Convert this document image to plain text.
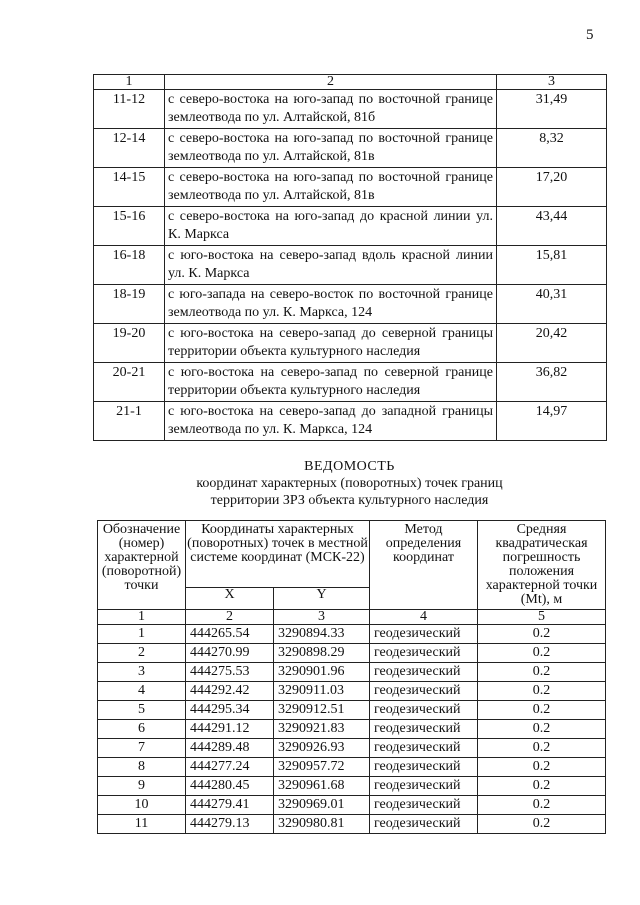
5
1	2	3
11-12	с северо-востока на юго-запад по восточной границе землеотвода по ул. Алтайской, 81б	31,49
12-14	с северо-востока на юго-запад по восточной границе землеотвода по ул. Алтайской, 81в	8,32
14-15	с северо-востока на юго-запад по восточной границе землеотвода по ул. Алтайской, 81в	17,20
15-16	с северо-востока на юго-запад до красной линии ул. К. Маркса	43,44
16-18	с юго-востока на северо-запад вдоль красной линии ул. К. Маркса	15,81
18-19	с юго-запада на северо-восток по восточной границе землеотвода по ул. К. Маркса, 124	40,31
19-20	с юго-востока на северо-запад до северной границы территории объекта культурного наследия	20,42
20-21	с юго-востока на северо-запад по северной границе территории объекта культурного наследия	36,82
21-1	с юго-востока на северо-запад до западной границы землеотвода по ул. К. Маркса, 124	14,97
ВЕДОМОСТЬ
координат характерных (поворотных) точек границ
территории ЗРЗ объекта культурного наследия
Обозначение (номер) характерной (поворотной) точки	Координаты характерных (поворотных) точек в местной системе координат (МСК-22)		Метод определения координат	Средняя квадратическая погрешность положения характерной точки (Mt), м
	X	Y		
1	2	3	4	5
1	444265.54	3290894.33	геодезический	0.2
2	444270.99	3290898.29	геодезический	0.2
3	444275.53	3290901.96	геодезический	0.2
4	444292.42	3290911.03	геодезический	0.2
5	444295.34	3290912.51	геодезический	0.2
6	444291.12	3290921.83	геодезический	0.2
7	444289.48	3290926.93	геодезический	0.2
8	444277.24	3290957.72	геодезический	0.2
9	444280.45	3290961.68	геодезический	0.2
10	444279.41	3290969.01	геодезический	0.2
11	444279.13	3290980.81	геодезический	0.2
